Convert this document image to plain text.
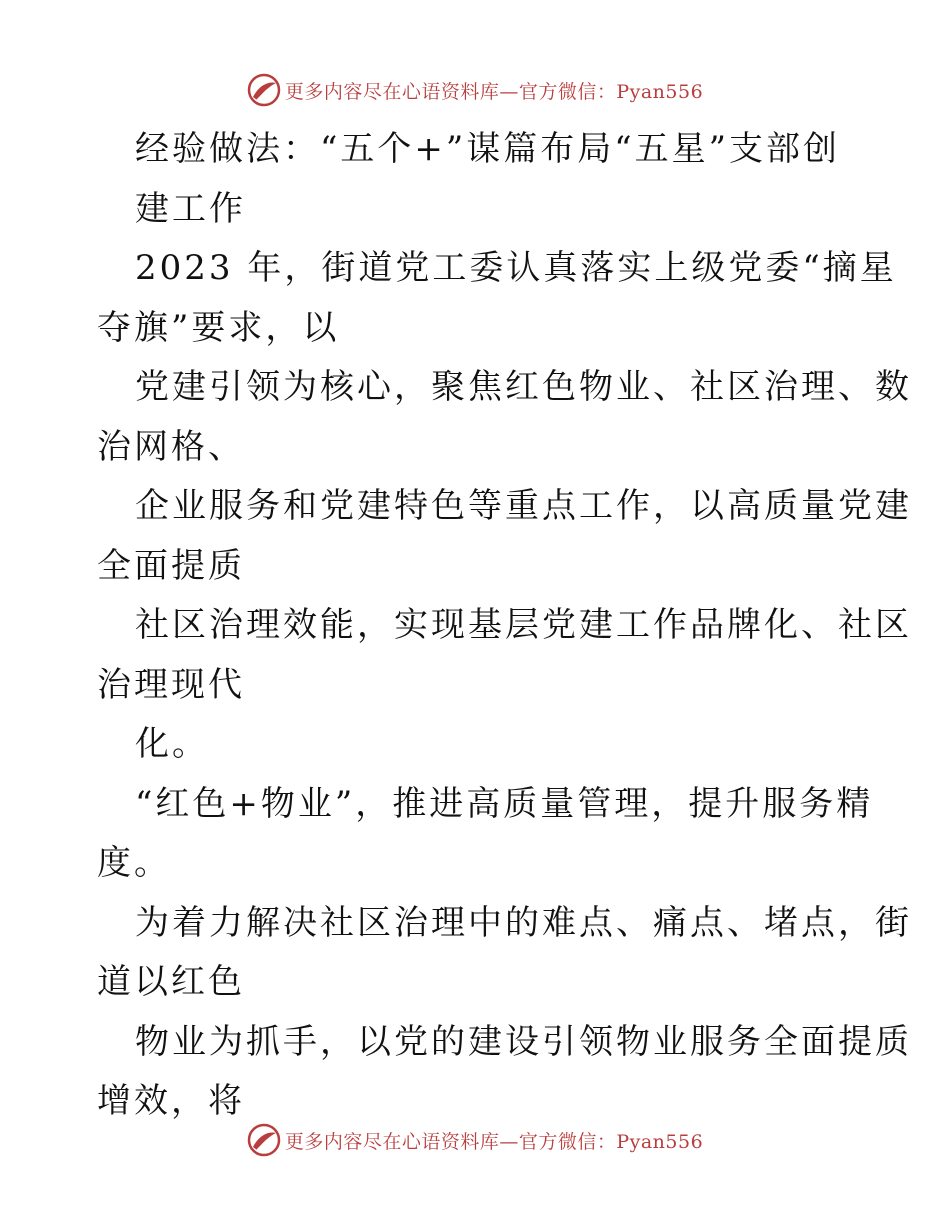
更多内容尽在心语资料库—官方微信：Pyan556
经验做法：“五个+”谋篇布局“五星”支部创
建工作
2023 年，街道党工委认真落实上级党委“摘星
夺旗”要求，以
党建引领为核心，聚焦红色物业、社区治理、数
治网格、
企业服务和党建特色等重点工作，以高质量党建
全面提质
社区治理效能，实现基层党建工作品牌化、社区
治理现代
化。
“红色+物业”，推进高质量管理，提升服务精
度。
为着力解决社区治理中的难点、痛点、堵点，街
道以红色
物业为抓手，以党的建设引领物业服务全面提质
增效，将
更多内容尽在心语资料库—官方微信：Pyan556
